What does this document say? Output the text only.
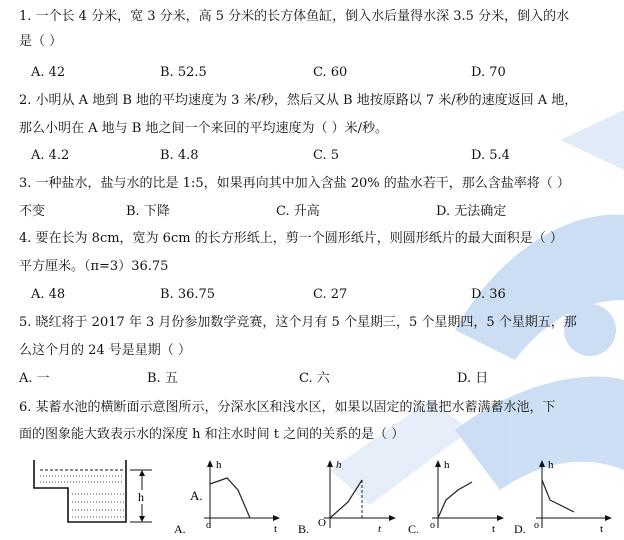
1. 一个长 4 分米，宽 3 分米，高 5 分米的长方体鱼缸，倒入水后量得水深 3.5 分米，倒入的水
是（ ）
A. 42	B. 52.5	C. 60	D. 70
2. 小明从 A 地到 B 地的平均速度为 3 米/秒，然后又从 B 地按原路以 7 米/秒的速度返回 A 地，
那么小明在 A 地与 B 地之间一个来回的平均速度为（ ）米/秒。
A. 4.2	B. 4.8	C. 5	D. 5.4
3. 一种盐水，盐与水的比是 1:5，如果再向其中加入含盐 20% 的盐水若干，那么含盐率将（ ）
不变	B. 下降	C. 升高	D. 无法确定
4. 要在长为 8cm，宽为 6cm 的长方形纸上，剪一个圆形纸片，则圆形纸片的最大面积是（ ）
平方厘米。（π=3）36.75
A. 48	B. 36.75	C. 27	D. 36
5. 晓红将于 2017 年 3 月份参加数学竞赛，这个月有 5 个星期三，5 个星期四，5 个星期五，那
么这个月的 24 号是星期（ ）
A. 一	B. 五	C. 六	D. 日
6. 某蓄水池的横断面示意图所示，分深水区和浅水区，如果以固定的流量把水蓄满蓄水池，下
面的图象能大致表示水的深度 h 和注水时间 t 之间的关系的是（ ）
h
h
t
o
A.
A.
h
t
O
B.
h
t
o
C.
h
t
o
D.
